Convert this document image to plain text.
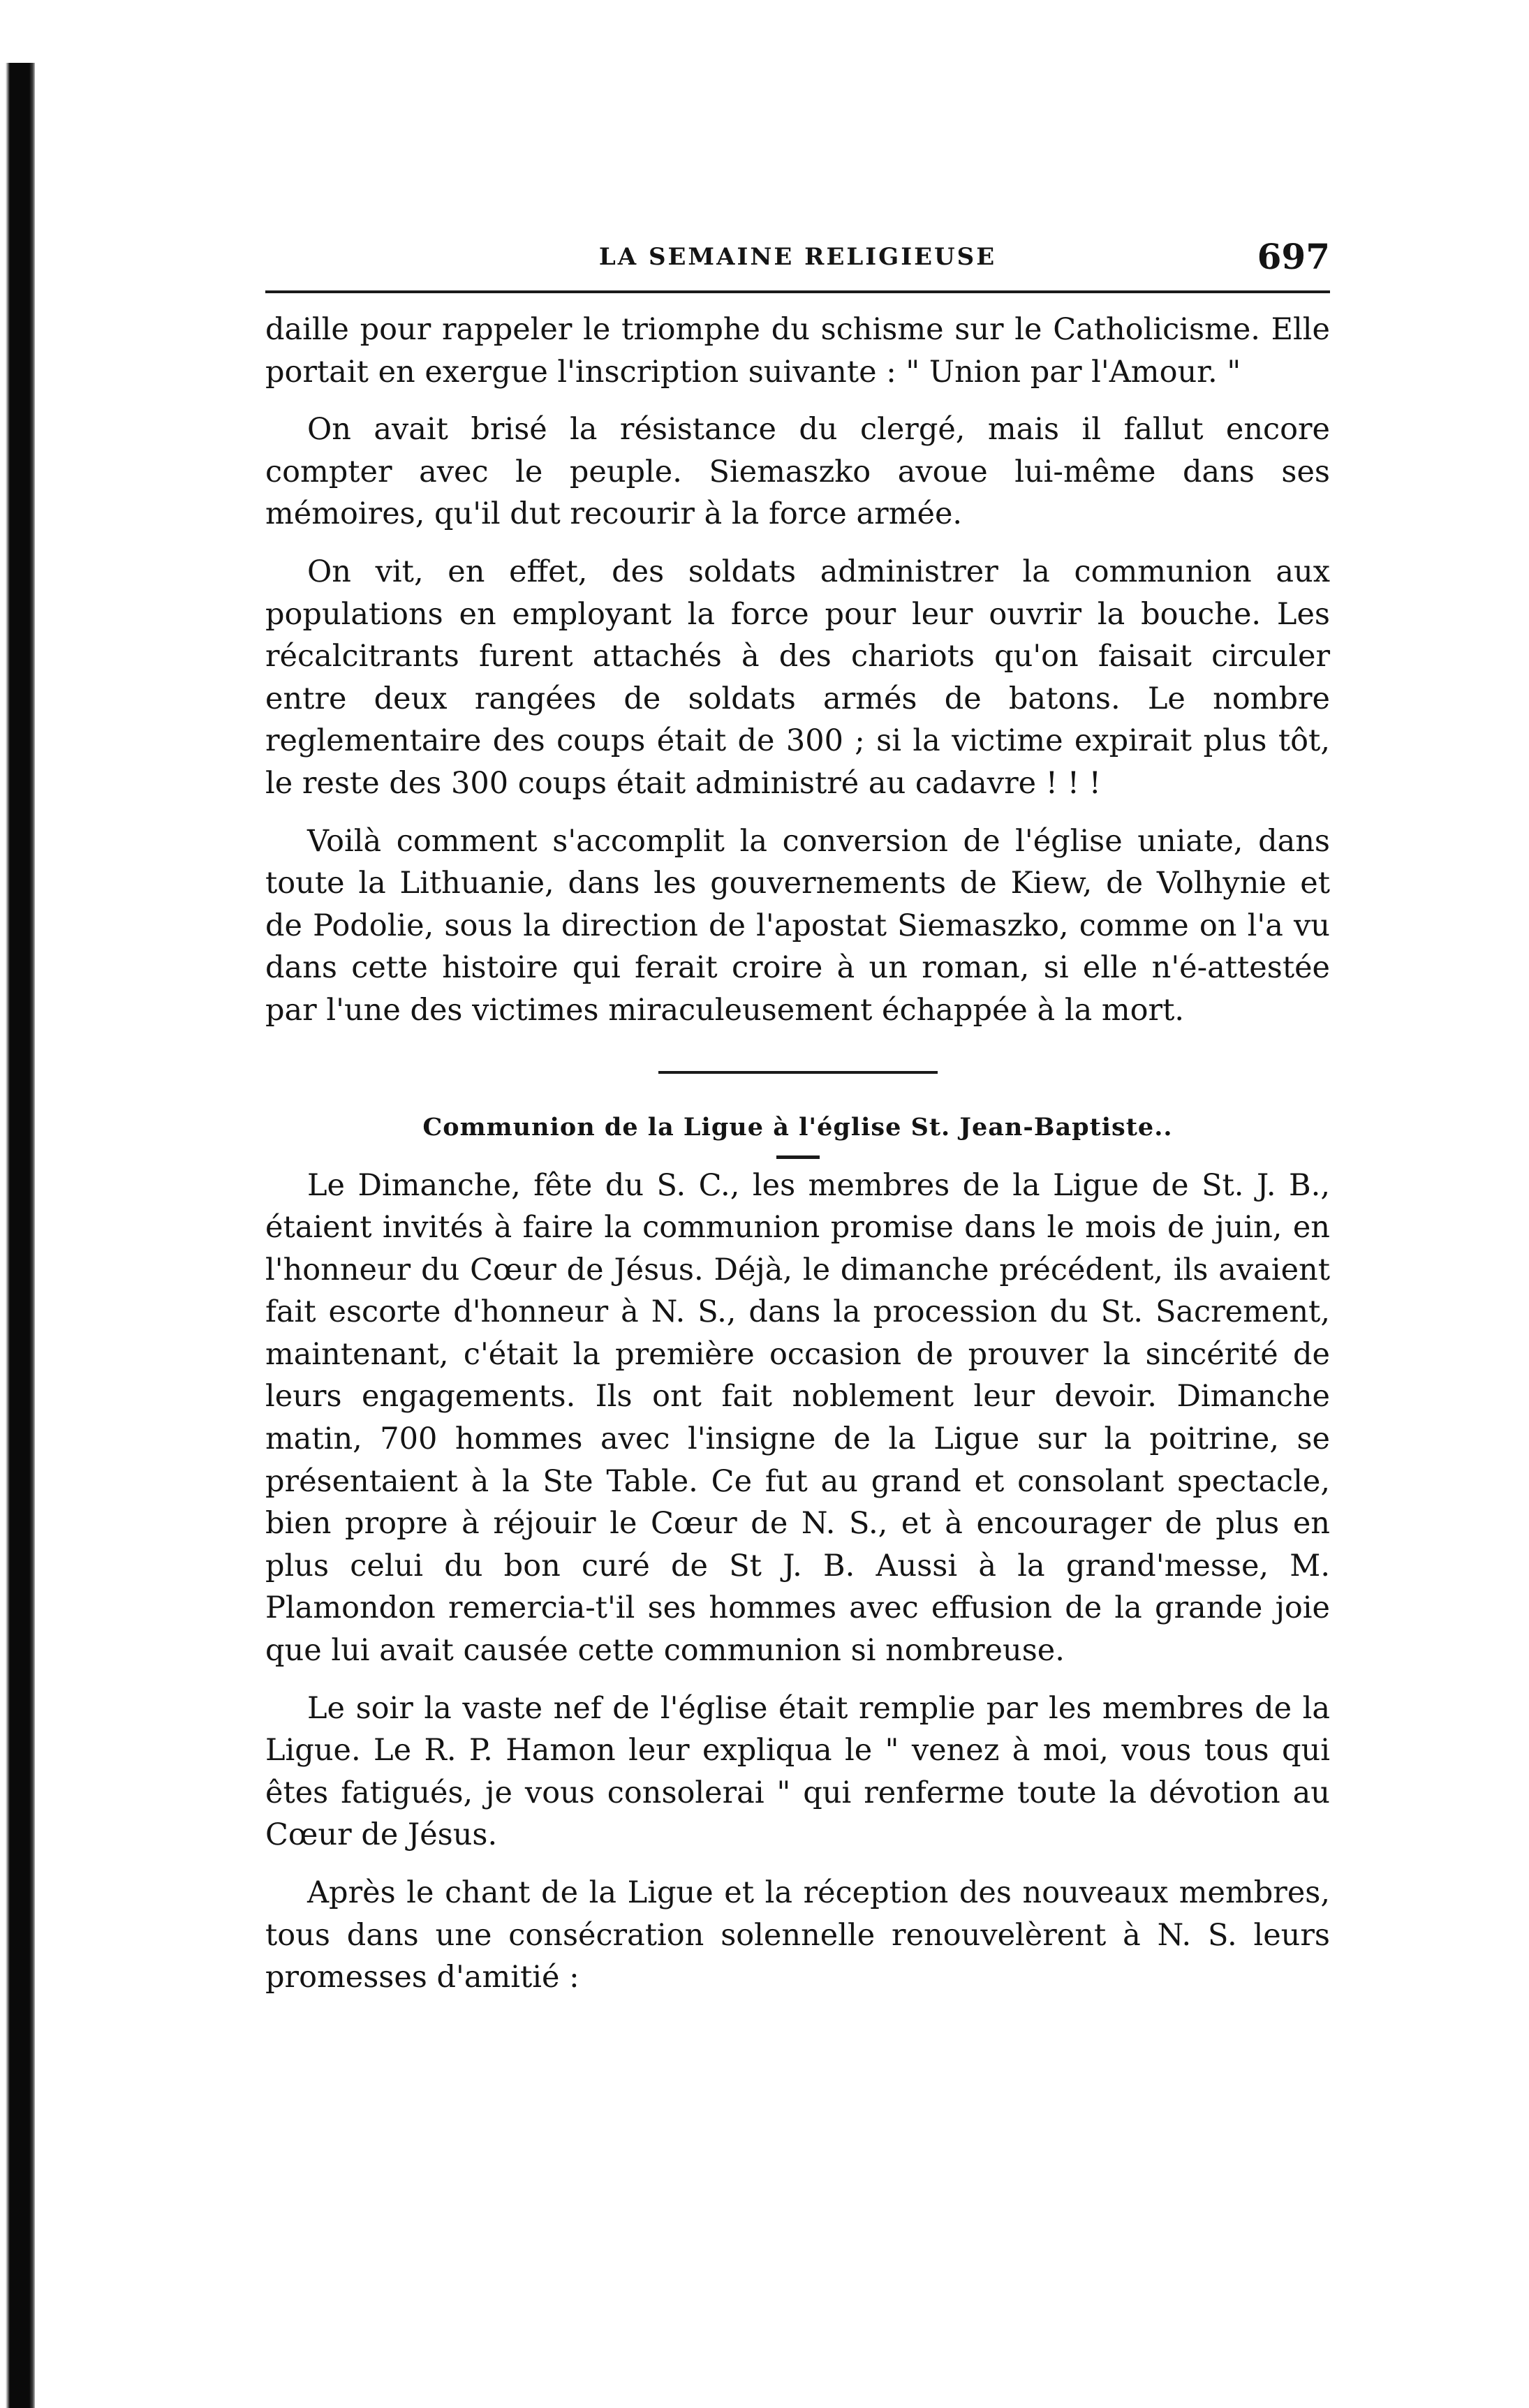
LA SEMAINE RELIGIEUSE	697

daille pour rappeler le triomphe du schisme sur le Catholicisme. Elle portait en exergue l'inscription suivante : " Union par l'Amour. "

On avait brisé la résistance du clergé, mais il fallut encore compter avec le peuple. Siemaszko avoue lui-même dans ses mémoires, qu'il dut recourir à la force armée.

On vit, en effet, des soldats administrer la communion aux populations en employant la force pour leur ouvrir la bouche. Les récalcitrants furent attachés à des chariots qu'on faisait circuler entre deux rangées de soldats armés de batons. Le nombre reglementaire des coups était de 300 ; si la victime expirait plus tôt, le reste des 300 coups était administré au cadavre ! ! !

Voilà comment s'accomplit la conversion de l'église uniate, dans toute la Lithuanie, dans les gouvernements de Kiew, de Volhynie et de Podolie, sous la direction de l'apostat Siemaszko, comme on l'a vu dans cette histoire qui ferait croire à un roman, si elle n'é-attestée par l'une des victimes miraculeusement échappée à la mort.

Communion de la Ligue à l'église St. Jean-Baptiste..

Le Dimanche, fête du S. C., les membres de la Ligue de St. J. B., étaient invités à faire la communion promise dans le mois de juin, en l'honneur du Cœur de Jésus. Déjà, le dimanche précédent, ils avaient fait escorte d'honneur à N. S., dans la procession du St. Sacrement, maintenant, c'était la première occasion de prouver la sincérité de leurs engagements. Ils ont fait noblement leur devoir. Dimanche matin, 700 hommes avec l'insigne de la Ligue sur la poitrine, se présentaient à la Ste Table. Ce fut au grand et consolant spectacle, bien propre à réjouir le Cœur de N. S., et à encourager de plus en plus celui du bon curé de St J. B. Aussi à la grand'messe, M. Plamondon remercia-t'il ses hommes avec effusion de la grande joie que lui avait causée cette communion si nombreuse.

Le soir la vaste nef de l'église était remplie par les membres de la Ligue. Le R. P. Hamon leur expliqua le " venez à moi, vous tous qui êtes fatigués, je vous consolerai " qui renferme toute la dévotion au Cœur de Jésus.

Après le chant de la Ligue et la réception des nouveaux membres, tous dans une consécration solennelle renouvelèrent à N. S. leurs promesses d'amitié :
